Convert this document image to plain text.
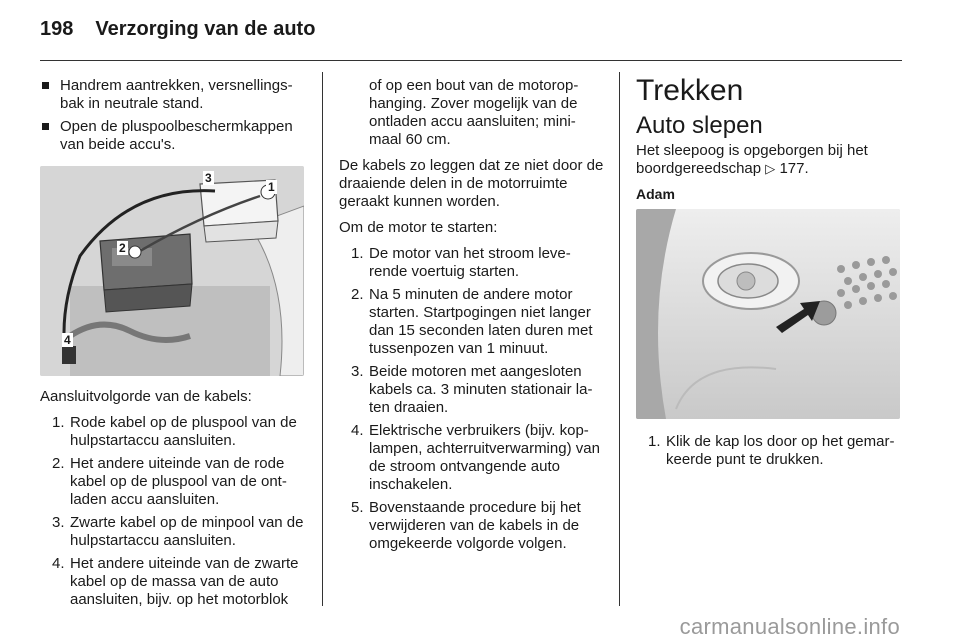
198 Verzorging van de auto
Handrem aantrekken, versnellings-bak in neutrale stand.
Open de pluspoolbeschermkappen van beide accu's.
3
1
2
4

Aansluitvolgorde van de kabels:

1. Rode kabel op de pluspool van de hulpstartaccu aansluiten.
2. Het andere uiteinde van de rode kabel op de pluspool van de ont-laden accu aansluiten.
3. Zwarte kabel op de minpool van de hulpstartaccu aansluiten.
4. Het andere uiteinde van de zwarte kabel op de massa van de auto aansluiten, bijv. op het motorblok

of op een bout van de motorop-hanging. Zover mogelijk van de ontladen accu aansluiten; mini-maal 60 cm.

De kabels zo leggen dat ze niet door de draaiende delen in de motorruimte geraakt kunnen worden.

Om de motor te starten:

1. De motor van het stroom leve-rende voertuig starten.
2. Na 5 minuten de andere motor starten. Startpogingen niet langer dan 15 seconden laten duren met tussenpozen van 1 minuut.
3. Beide motoren met aangesloten kabels ca. 3 minuten stationair la-ten draaien.
4. Elektrische verbruikers (bijv. kop-lampen, achterruitverwarming) van de stroom ontvangende auto inschakelen.
5. Bovenstaande procedure bij het verwijderen van de kabels in de omgekeerde volgorde volgen.
Trekken
Auto slepen

Het sleepoog is opgeborgen bij het boordgereedschap ▷ 177.

Adam
1. Klik de kap los door op het gemar-keerde punt te drukken.
carmanualsonline.info
